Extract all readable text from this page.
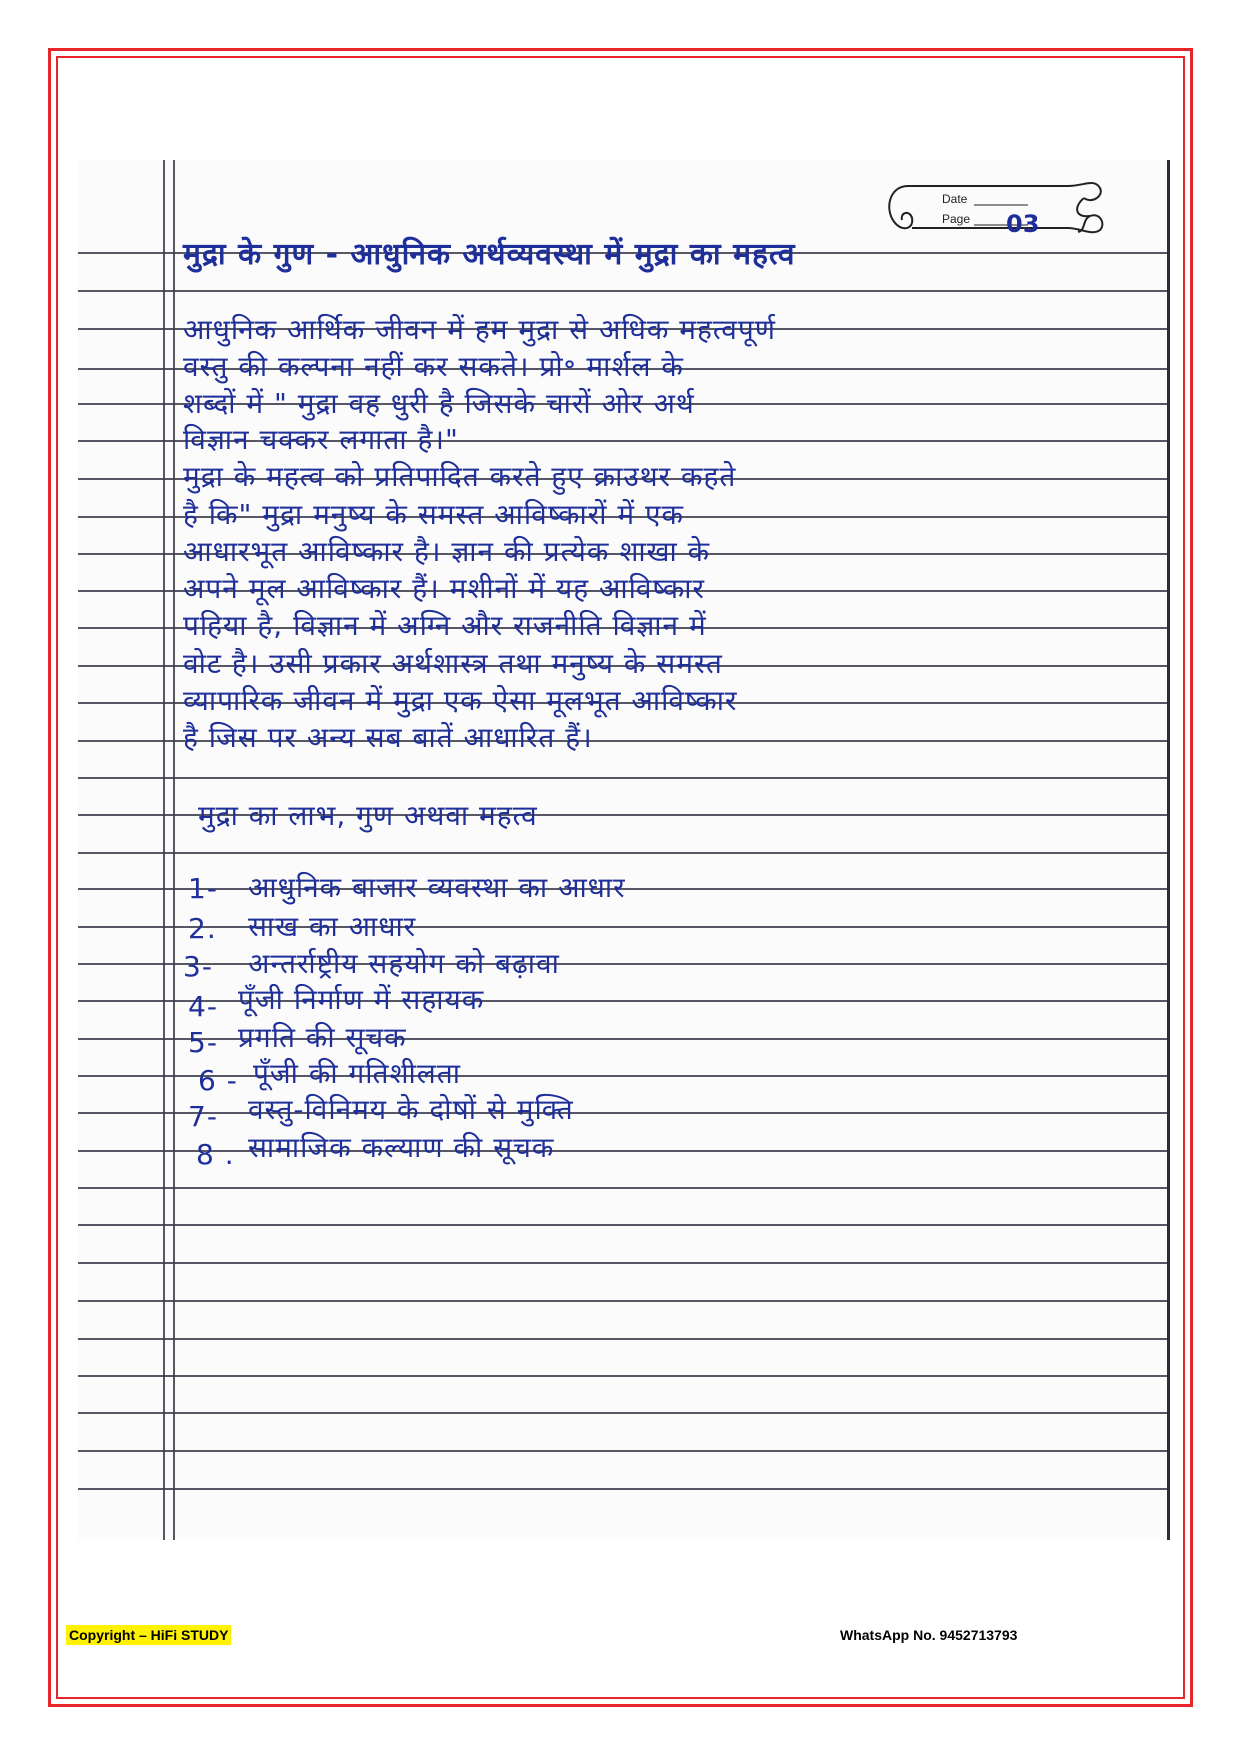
Date
Page 03
मुद्रा के गुण - आधुनिक अर्थव्यवस्था में मुद्रा का महत्व
आधुनिक आर्थिक जीवन में हम मुद्रा से अधिक महत्वपूर्ण
वस्तु की कल्पना नहीं कर सकते। प्रो॰ मार्शल के
शब्दों में " मुद्रा वह धुरी है जिसके चारों ओर अर्थ
विज्ञान चक्कर लगाता है।"
मुद्रा के महत्व को प्रतिपादित करते हुए क्राउथर कहते
है कि" मुद्रा मनुष्य के समस्त आविष्कारों में एक
आधारभूत आविष्कार है। ज्ञान की प्रत्येक शाखा के
अपने मूल आविष्कार हैं। मशीनों में यह आविष्कार
पहिया है, विज्ञान में अग्नि और राजनीति विज्ञान में
वोट है। उसी प्रकार अर्थशास्त्र तथा मनुष्य के समस्त
व्यापारिक जीवन में मुद्रा एक ऐसा मूलभूत आविष्कार
है जिस पर अन्य सब बातें आधारित हैं।
मुद्रा का लाभ, गुण अथवा महत्व
1- आधुनिक बाजार व्यवस्था का आधार
2. साख का आधार
3- अन्तर्राष्ट्रीय सहयोग को बढ़ावा
4- पूँजी निर्माण में सहायक
5- प्रगति की सूचक
6 - पूँजी की गतिशीलता
7- वस्तु-विनिमय के दोषों से मुक्ति
8 . सामाजिक कल्याण की सूचक
Copyright – HiFi STUDY	WhatsApp No. 9452713793
